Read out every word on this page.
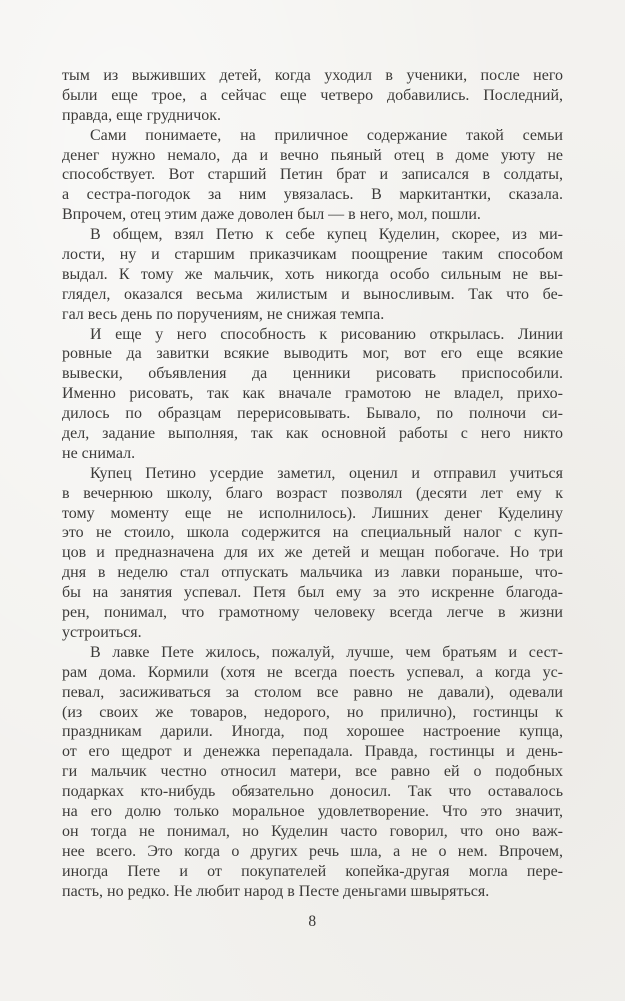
тым из выживших детей, когда уходил в ученики, после него
были еще трое, а сейчас еще четверо добавились. Последний,
правда, еще грудничок.
Сами понимаете, на приличное содержание такой семьи
денег нужно немало, да и вечно пьяный отец в доме уюту не
способствует. Вот старший Петин брат и записался в солдаты,
а сестра-погодок за ним увязалась. В маркитантки, сказала.
Впрочем, отец этим даже доволен был — в него, мол, пошли.
В общем, взял Петю к себе купец Куделин, скорее, из ми-
лости, ну и старшим приказчикам поощрение таким способом
выдал. К тому же мальчик, хоть никогда особо сильным не вы-
глядел, оказался весьма жилистым и выносливым. Так что бе-
гал весь день по поручениям, не снижая темпа.
И еще у него способность к рисованию открылась. Линии
ровные да завитки всякие выводить мог, вот его еще всякие
вывески, объявления да ценники рисовать приспособили.
Именно рисовать, так как вначале грамотою не владел, прихо-
дилось по образцам перерисовывать. Бывало, по полночи си-
дел, задание выполняя, так как основной работы с него никто
не снимал.
Купец Петино усердие заметил, оценил и отправил учиться
в вечернюю школу, благо возраст позволял (десяти лет ему к
тому моменту еще не исполнилось). Лишних денег Куделину
это не стоило, школа содержится на специальный налог с куп-
цов и предназначена для их же детей и мещан побогаче. Но три
дня в неделю стал отпускать мальчика из лавки пораньше, что-
бы на занятия успевал. Петя был ему за это искренне благода-
рен, понимал, что грамотному человеку всегда легче в жизни
устроиться.
В лавке Пете жилось, пожалуй, лучше, чем братьям и сест-
рам дома. Кормили (хотя не всегда поесть успевал, а когда ус-
певал, засиживаться за столом все равно не давали), одевали
(из своих же товаров, недорого, но прилично), гостинцы к
праздникам дарили. Иногда, под хорошее настроение купца,
от его щедрот и денежка перепадала. Правда, гостинцы и день-
ги мальчик честно относил матери, все равно ей о подобных
подарках кто-нибудь обязательно доносил. Так что оставалось
на его долю только моральное удовлетворение. Что это значит,
он тогда не понимал, но Куделин часто говорил, что оно важ-
нее всего. Это когда о других речь шла, а не о нем. Впрочем,
иногда Пете и от покупателей копейка-другая могла пере-
пасть, но редко. Не любит народ в Песте деньгами швыряться.
8
